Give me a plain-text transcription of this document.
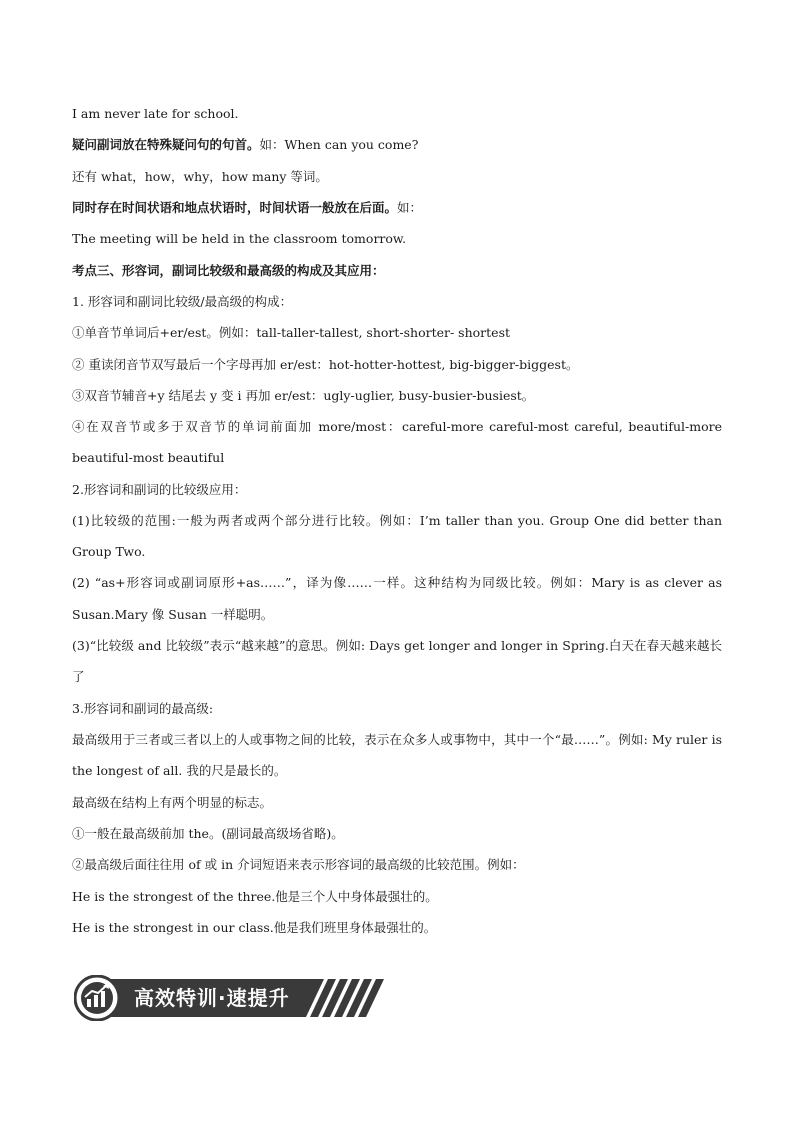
I am never late for school.
疑问副词放在特殊疑问句的句首。 如：When can you come?
还有 what，how，why，how many 等词。
同时存在时间状语和地点状语时，时间状语一般放在后面。 如：
The meeting will be held in the classroom tomorrow.
考点三、形容词，副词比较级和最高级的构成及其应用：
1. 形容词和副词比较级/最高级的构成：
①单音节单词后+er/est。例如：tall-taller-tallest, short-shorter- shortest
② 重读闭音节双写最后一个字母再加 er/est：hot-hotter-hottest, big-bigger-biggest。
③双音节辅音+y 结尾去 y 变 i 再加 er/est：ugly-uglier, busy-busier-busiest。
④在双音节或多于双音节的单词前面加 more/most：careful-more careful-most careful, beautiful-more beautiful-most beautiful
2.形容词和副词的比较级应用：
(1)比较级的范围:一般为两者或两个部分进行比较。例如：I’m taller than you. Group One did better than Group Two.
(2) “as+形容词或副词原形+as……”，译为像……一样。这种结构为同级比较。例如：Mary is as clever as Susan.Mary 像 Susan 一样聪明。
(3)“比较级 and 比较级”表示“越来越”的意思。例如: Days get longer and longer in Spring.白天在春天越来越长了
3.形容词和副词的最高级:
最高级用于三者或三者以上的人或事物之间的比较，表示在众多人或事物中，其中一个“最……”。例如: My ruler is the longest of all. 我的尺是最长的。
最高级在结构上有两个明显的标志。
①一般在最高级前加 the。(副词最高级场省略)。
②最高级后面往往用 of 或 in 介词短语来表示形容词的最高级的比较范围。例如：
He is the strongest of the three.他是三个人中身体最强壮的。
He is the strongest in our class.他是我们班里身体最强壮的。
高效特训·速提升
